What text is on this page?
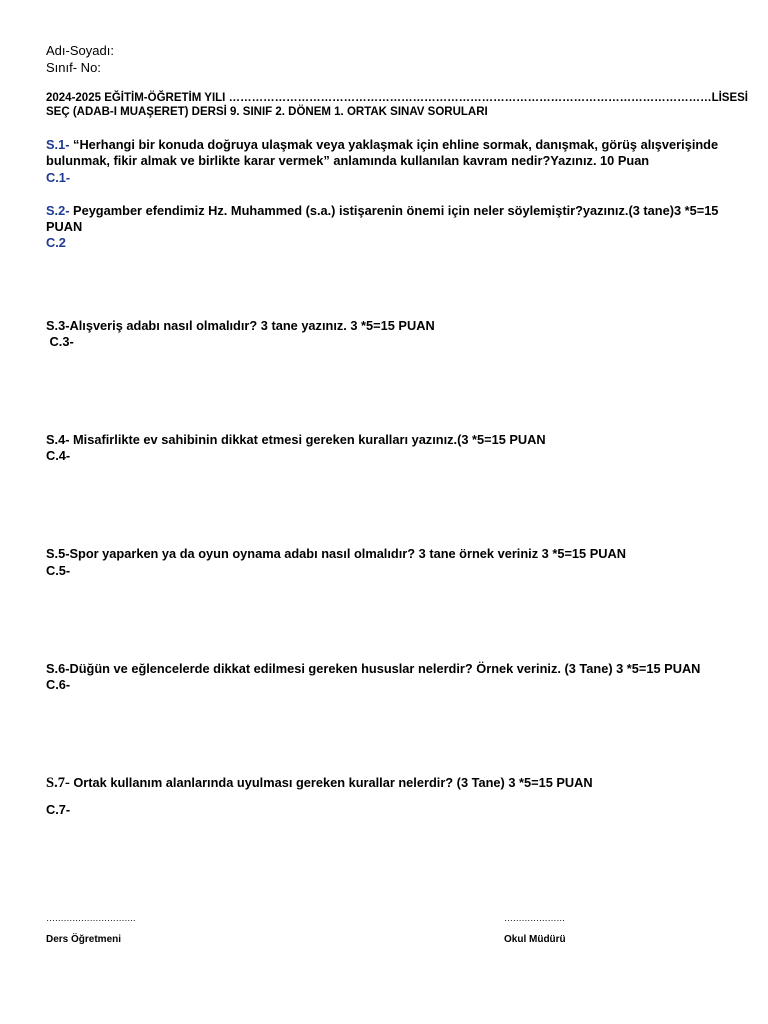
Adı-Soyadı:
Sınıf- No:
2024-2025 EĞİTİM-ÖĞRETİM YILI ………………………………………………………………………………………………………………LİSESİ
SEÇ (ADAB-I MUAŞERET) DERSİ 9. SINIF 2. DÖNEM 1. ORTAK SINAV SORULARI
S.1- “Herhangi bir konuda doğruya ulaşmak veya yaklaşmak için ehline sormak, danışmak, görüş alışverişinde
bulunmak, fikir almak ve birlikte karar vermek” anlamında kullanılan kavram nedir?Yazınız. 10 Puan
C.1-
S.2- Peygamber efendimiz Hz. Muhammed (s.a.) istişarenin önemi için neler söylemiştir?yazınız.(3 tane)3 *5=15
PUAN
C.2
S.3-Alışveriş adabı nasıl olmalıdır? 3 tane yazınız. 3 *5=15 PUAN
C.3-
S.4- Misafirlikte ev sahibinin dikkat etmesi gereken kuralları yazınız.(3 *5=15 PUAN
C.4-
S.5-Spor yaparken ya da oyun oynama adabı nasıl olmalıdır? 3 tane örnek veriniz 3 *5=15 PUAN
C.5-
S.6-Düğün ve eğlencelerde dikkat edilmesi gereken hususlar nelerdir? Örnek veriniz. (3 Tane) 3 *5=15 PUAN
C.6-
S.7- Ortak kullanım alanlarında uyulması gereken kurallar nelerdir? (3 Tane) 3 *5=15 PUAN
C.7-
………………………….
Ders Öğretmeni
…………………
Okul Müdürü
